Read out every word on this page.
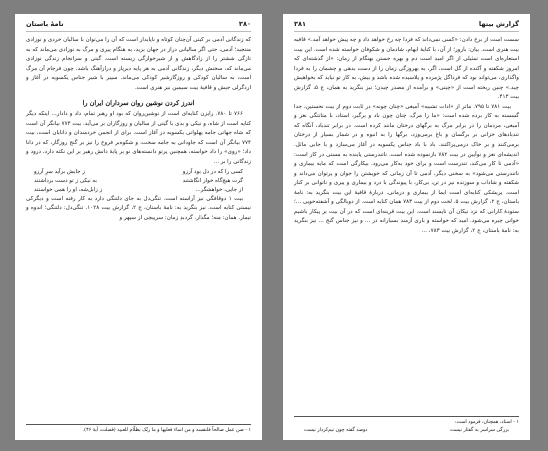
۳۸۰
نامهٔ باستان

که زندگانی آدمی بر کیتی آن‌چنان کوتاه و ناپایدار است که آن را می‌توان با سالیان خردی و نوزادی منتجید؛ آدمی، حتی اگر سالیانی دراز در جهان بزید، به هنگام پیری و مرگ به نوزادی می‌ماند که به تازگی ششتر را از زادگاهش و از شیرخوارگی زیسته است. گیتی و سرانجام زندگی نوزادی می‌ماند که، سخنش دیگر، زندگانی آدمی به هر پایه دیرپاز و درازآهنگ باشد، چون فرجام آن مرگ است، به سالیان کودکی و روزگارشیر کودکی می‌ماند. سپیر با شیر جناس یکسویه در آغاز و اردگرلی جیش و قافیهٔ بیت سیمین نیز هنری است.

اندرز کردن نوشین روان سرداران ایران را

۷۶۶ تا ۷۸۰. رایزن کنایه‌ای است از نوشین‌روان که بود او رهبر تمام، داد و دادار... اینکه دیگر کنایه است از شاه، و نیکی و بدی با گیتی از سالیان و روزگاران بر می‌آید. بیت ۷۷۴ بیانگر آن است که شاه جهانی جامه پهلوانی یکسویه در آغاز است. برای از انجمن خردمندان و دانایان است، بیت ۷۷۴ بیانگر آن است که جاودانی به جامه سخت، و شکوه‌بر فروخ را نیز بر گنج روزگار، که در دانا داد؛ «روی» را داد خواسته، همچنین پرتو دانسته‌های نو بر پایهٔ دانش رهیر بر این نکته دارد، درود و زندگانی را بر ...

کسی را که در دل بود آرزو
ز جایش برآید سرِ آرزو
گرت هیچ‌گاه خوار انگاشتند
به نیکی ز تو دست برداشتند
از جایی، خواهشگر...
ز زابل‌شه، او را همی خواستند

بیت ۱ دوقافگی نیز آراسته است. تنگی‌دل به جای دلتنگی دارد به کار رفته است و دیگرکی نیستی کنایه است. نیز بنگرید به: نامهٔ باستان، ج ۲، گزارش بیت ۱۰۲۸. تنگی‌دل: دلتنگی؛ اندوه و تیمار. همان: منه؛ مگذار. گردبدِ زمان: سرپیچی از سپهر و

۱ - صن عمل صالحاً فلنفسه و من اساء فعلیها و ما ربّک بظلّام للعبید (فصلت، آیهٔ ۴۶).
گزارش بیتها
۳۸۱

سست است از برخ دادن: «کسی نمی‌داند که فردا چه رخ خواهد داد و چه پیش خواهد آمد.» قافیه بیت هنری است. بیان: بارور؛ از آن، با کنایهٔ ایهام، شادمان و شکوفان خواسته شده است. این بیت استعاره‌ای است تمثیلی از اگر امید است دم و بهره جستن بهنگام از زمان: «از گذشته‌ای که امروز شکفته و آکنده از گل است، اگر، به بهروزگی زمان را از دست بدهی و چشمان را به فردا واگذاری، می‌تواند بود که فرداگل پژمرده و پلاسیده شده باشد و بیش، به کار تو نیاید که بخواهیش چید.» چنین ریخته است از «چیتی» و برآمده از مصدر چیدن؛ نیز بنگرید به همان، ج ۵، گزارش بیت ۴۱۳.

بیت ۷۸۱ تا ۷۹۵. ماتر از «ادات تشبیه» آمیغی «چنان چونه» در ثابت دوم از بیت نخستین، جدا گسسته به کار برده شده است: «ما را مرگ، چنان چون باد و برگیر، استاد، با متانتگی نغز و آمیغی، مردمان را در برابر مرگ به برگهای درختان مانند کرده است. در برابر تندباد، آنگاه که تندبادهای خزانی بر برگسان و باغ برمی‌وزد، برگها را به انبوه و در شمار بسیار از درختان برمی‌کنند و بر خاک درمی‌پراکنند. باد با باد جناس یکسویه در آغاز می‌سازد و با جابی ماثل. اندیشه‌ای نغز و نواَیین در بیت ۷۸۲ بازنموده شده است. ناتندرستی پاینده به مستی در کار است: «آدمی تا کار می‌کند، تندرست است و برای خود به‌کار می‌رود. بیکارگی است که مایه بیماری و ناتندرستی می‌شود» به سخنی دیگر، آدمی تا آن زمانی که خویشتن را جوان و پرتوان می‌داند و شکفته و شاداب و سوزنده نیز در تن، بی‌کار، با پیوندگی با درد و بیماری و پیری و ناتوانی بر کنار است. پریشکی کنایه‌ای است ایما از بیماری و درمانی. دربارهٔ قافیهٔ این بیت بنگرید به: نامهٔ باستان، ج ۲، گزارش بیت ۵. لخت دوم از بیت ۷۸۳ همان کنایه است. از دوبالگی و آشفته‌خویی ...؛ ستودهٔ کارانی که نزد نیکان آن ناپسند است. این بیت قرینه‌ای است که در آن بیت بر پیکار باشیم خوانی چیره می‌شود. امید که خواسته و باری آزمند بسیارانه در ... و نیز جناس گنج ... نیز بنگرید به: نامهٔ باستان، ج ۲، گزارش بیت ۷۸۳، ...

۱ - اسناد، همچنان، فرمود است:
بزرگی سراسر به گفتار نیست
دوصد گفته چون نیم‌کردار نیست
